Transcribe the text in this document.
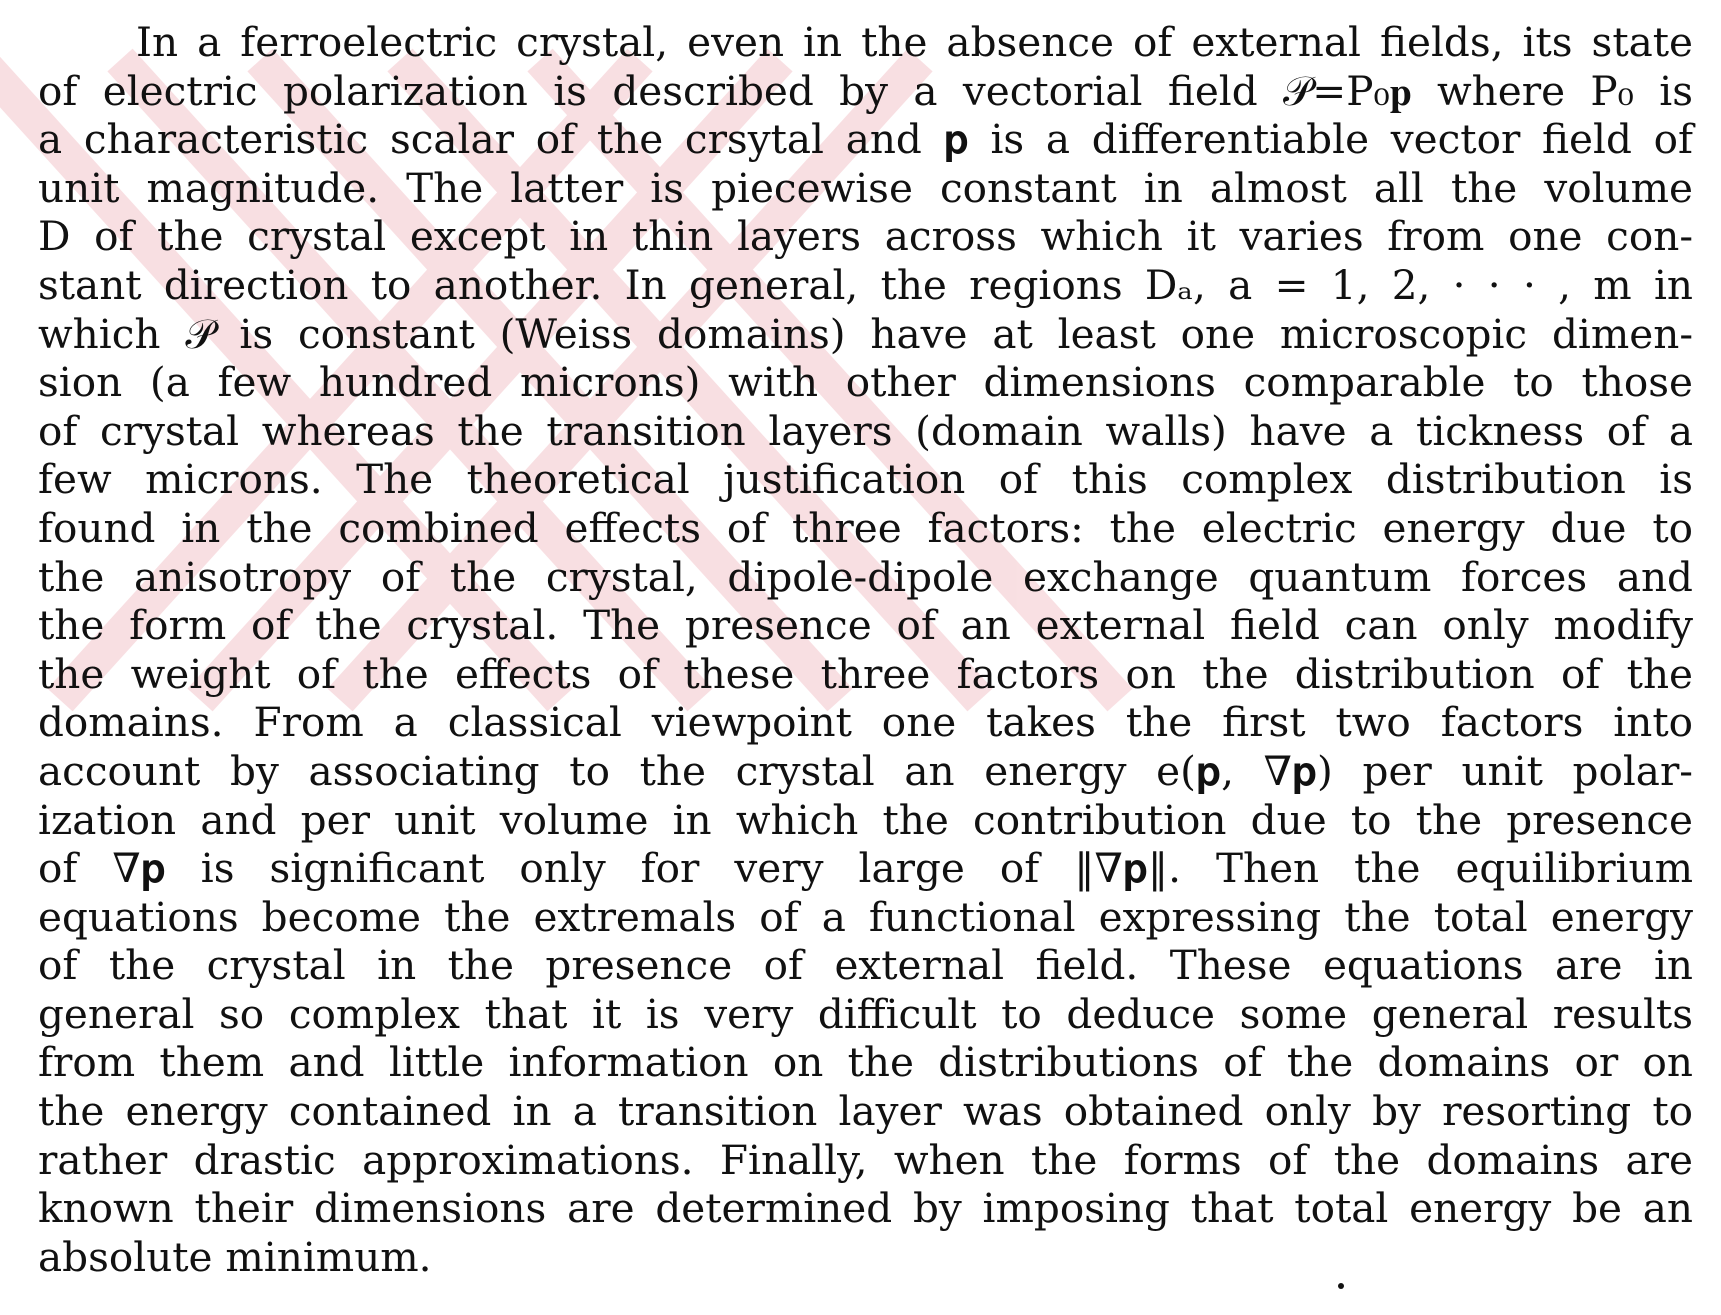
In a ferroelectric crystal, even in the absence of external fields, its state
of electric polarization is described by a vectorial field 𝒫=P₀𝐩 where P₀ is
a characteristic scalar of the crsytal and 𝐩 is a differentiable vector field of
unit magnitude. The latter is piecewise constant in almost all the volume
D of the crystal except in thin layers across which it varies from one con-
stant direction to another. In general, the regions Dₐ, a = 1, 2, · · · , m in
which 𝒫 is constant (Weiss domains) have at least one microscopic dimen-
sion (a few hundred microns) with other dimensions comparable to those
of crystal whereas the transition layers (domain walls) have a tickness of a
few microns. The theoretical justification of this complex distribution is
found in the combined effects of three factors: the electric energy due to
the anisotropy of the crystal, dipole-dipole exchange quantum forces and
the form of the crystal. The presence of an external field can only modify
the weight of the effects of these three factors on the distribution of the
domains. From a classical viewpoint one takes the first two factors into
account by associating to the crystal an energy e(𝐩, ∇𝐩) per unit polar-
ization and per unit volume in which the contribution due to the presence
of ∇𝐩 is significant only for very large of ‖∇𝐩‖. Then the equilibrium
equations become the extremals of a functional expressing the total energy
of the crystal in the presence of external field. These equations are in
general so complex that it is very difficult to deduce some general results
from them and little information on the distributions of the domains or on
the energy contained in a transition layer was obtained only by resorting to
rather drastic approximations. Finally, when the forms of the domains are
known their dimensions are determined by imposing that total energy be an
absolute minimum.
